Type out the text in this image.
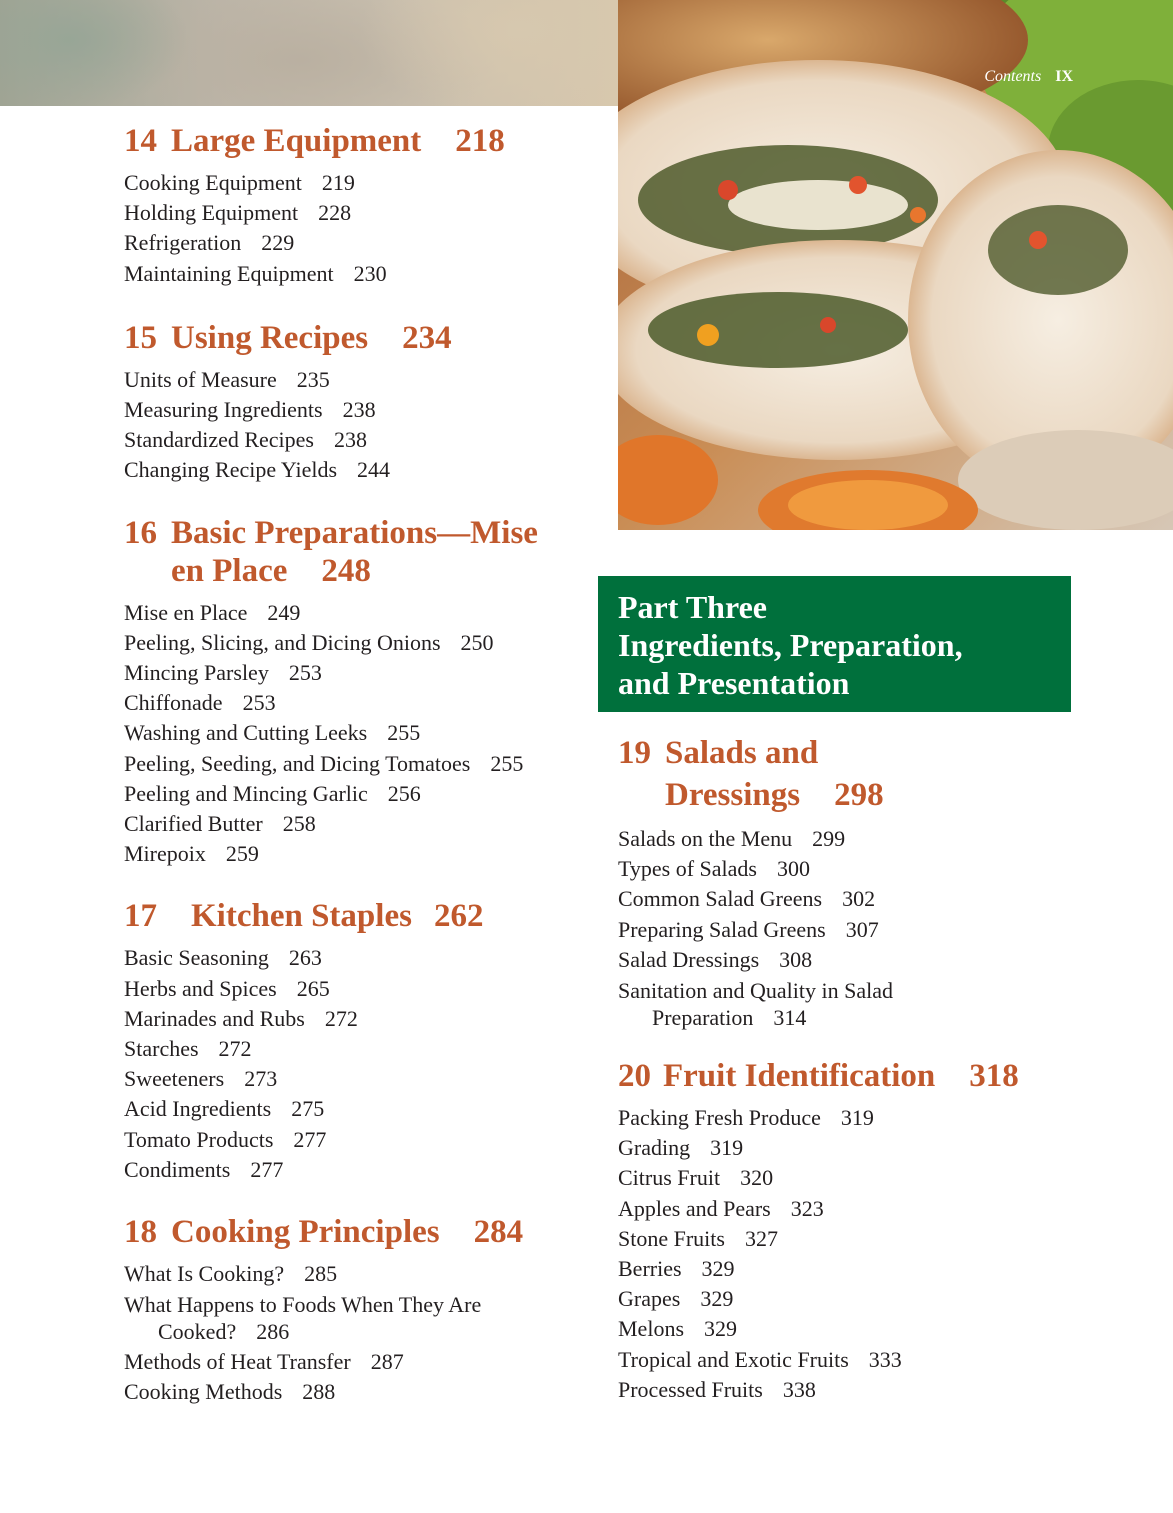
Contents IX
14 Large Equipment 218
Cooking Equipment 219
Holding Equipment 228
Refrigeration 229
Maintaining Equipment 230
15 Using Recipes 234
Units of Measure 235
Measuring Ingredients 238
Standardized Recipes 238
Changing Recipe Yields 244
16 Basic Preparations—Mise
en Place 248
Mise en Place 249
Peeling, Slicing, and Dicing Onions 250
Mincing Parsley 253
Chiffonade 253
Washing and Cutting Leeks 255
Peeling, Seeding, and Dicing Tomatoes 255
Peeling and Mincing Garlic 256
Clarified Butter 258
Mirepoix 259
17 Kitchen Staples 262
Basic Seasoning 263
Herbs and Spices 265
Marinades and Rubs 272
Starches 272
Sweeteners 273
Acid Ingredients 275
Tomato Products 277
Condiments 277
18 Cooking Principles 284
What Is Cooking? 285
What Happens to Foods When They Are
Cooked? 286
Methods of Heat Transfer 287
Cooking Methods 288
Part Three
Ingredients, Preparation,
and Presentation
19 Salads and
Dressings 298
Salads on the Menu 299
Types of Salads 300
Common Salad Greens 302
Preparing Salad Greens 307
Salad Dressings 308
Sanitation and Quality in Salad
Preparation 314
20 Fruit Identification 318
Packing Fresh Produce 319
Grading 319
Citrus Fruit 320
Apples and Pears 323
Stone Fruits 327
Berries 329
Grapes 329
Melons 329
Tropical and Exotic Fruits 333
Processed Fruits 338
